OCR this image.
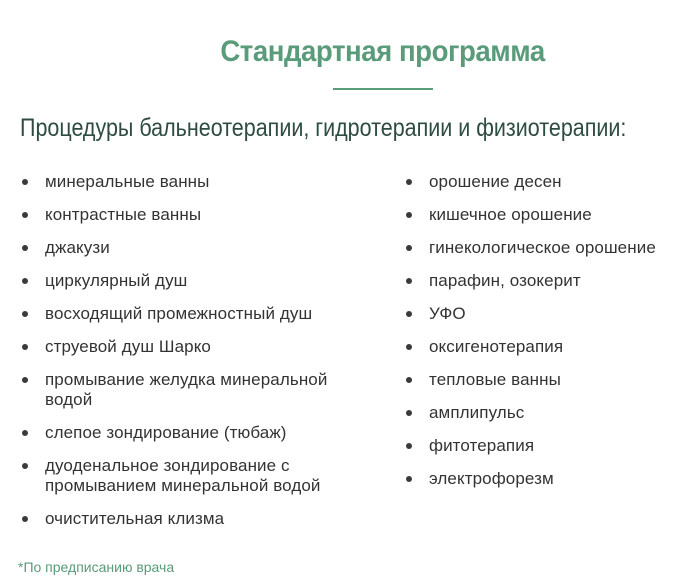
Стандартная программа
Процедуры бальнеотерапии, гидротерапии и физиотерапии:
минеральные ванны
контрастные ванны
джакузи
циркулярный душ
восходящий промежностный душ
струевой душ Шарко
промывание желудка минеральной водой
слепое зондирование (тюбаж)
дуоденальное зондирование с промыванием минеральной водой
очистительная клизма
орошение десен
кишечное орошение
гинекологическое орошение
парафин, озокерит
УФО
оксигенотерапия
тепловые ванны
амплипульс
фитотерапия
электрофорезм
*По предписанию врача
